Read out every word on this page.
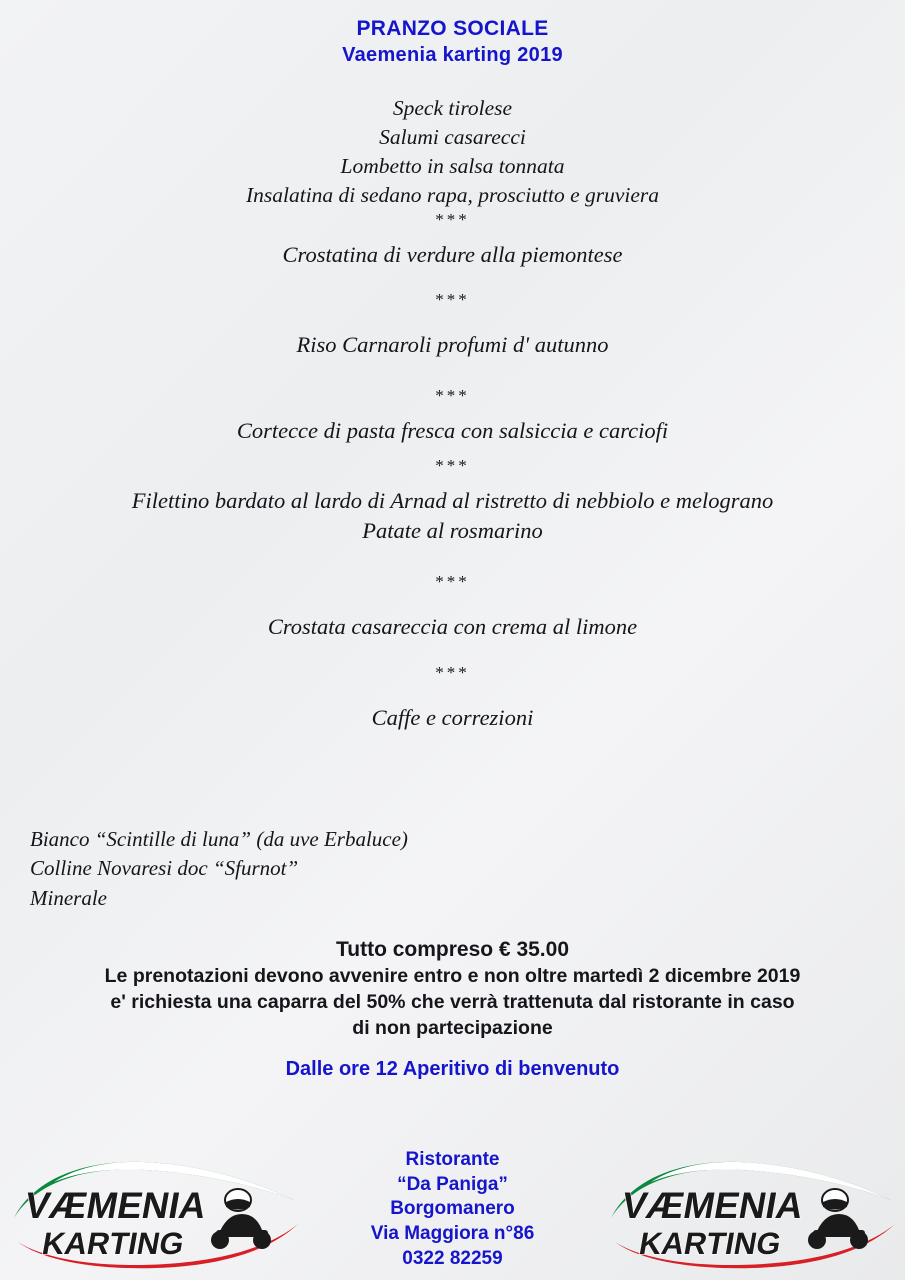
PRANZO SOCIALE
Vaemenia karting 2019
Speck tirolese
Salumi casarecci
Lombetto in salsa tonnata
Insalatina di sedano rapa, prosciutto e gruviera
***
Crostatina di verdure alla piemontese
***
Riso Carnaroli profumi d' autunno
***
Cortecce di pasta fresca con salsiccia e carciofi
***
Filettino bardato al lardo di Arnad al ristretto di nebbiolo e melograno
Patate al rosmarino
***
Crostata casareccia con crema al limone
***
Caffe e correzioni
Bianco “Scintille di luna” (da uve Erbaluce)
Colline Novaresi doc “Sfurnot”
Minerale
Tutto compreso € 35.00
Le prenotazioni devono avvenire entro e non oltre martedì 2 dicembre 2019
e' richiesta una caparra del 50% che verrà trattenuta dal ristorante in caso
di non partecipazione
Dalle ore 12 Aperitivo di benvenuto
Ristorante
“Da Paniga”
Borgomanero
Via Maggiora n°86
0322 82259
VÆMENIA
KARTING
VÆMENIA
KARTING
